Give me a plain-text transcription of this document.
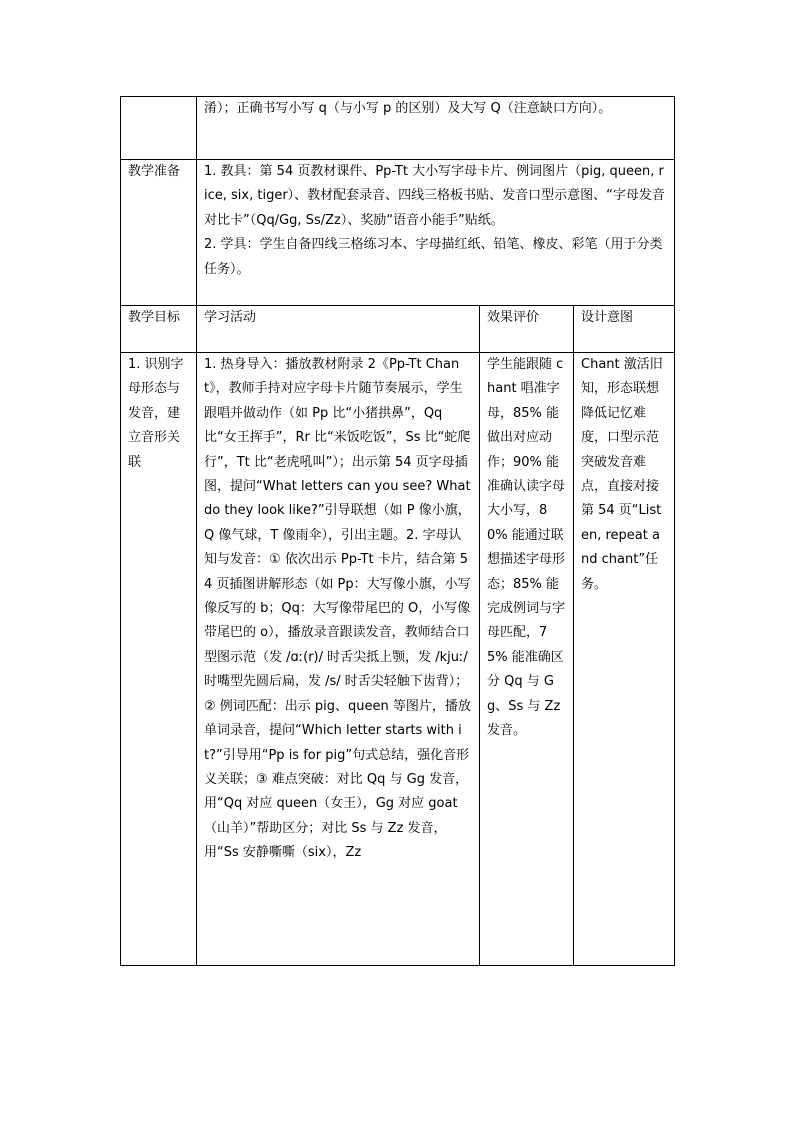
	淆）；正确书写小写 q（与小写 p 的区别）及大写 Q（注意缺口方向）。		
教学准备	1. 教具：第 54 页教材课件、Pp-Tt 大小写字母卡片、例词图片（pig, queen, rice, six, tiger）、教材配套录音、四线三格板书贴、发音口型示意图、“字母发音对比卡”（Qq/Gg, Ss/Zz）、奖励“语音小能手”贴纸。
2. 学具：学生自备四线三格练习本、字母描红纸、铅笔、橡皮、彩笔（用于分类任务）。		

教学目标	学习活动	效果评价	设计意图

1. 识别字母形态与发音，建立音形关联	1. 热身导入：播放教材附录 2《Pp-Tt Chant》，教师手持对应字母卡片随节奏展示，学生跟唱并做动作（如 Pp 比“小猪拱鼻”，Qq 比“女王挥手”，Rr 比“米饭吃饭”，Ss 比“蛇爬行”，Tt 比“老虎吼叫”）；出示第 54 页字母插图，提问“What letters can you see? What do they look like?”引导联想（如 P 像小旗，Q 像气球，T 像雨伞），引出主题。2. 字母认知与发音：① 依次出示 Pp-Tt 卡片，结合第 54 页插图讲解形态（如 Pp：大写像小旗，小写像反写的 b；Qq：大写像带尾巴的 O，小写像带尾巴的 o），播放录音跟读发音，教师结合口型图示范（发 /ɑː(r)/ 时舌尖抵上颚，发 /kjuː/ 时嘴型先圆后扁，发 /s/ 时舌尖轻触下齿背）；② 例词匹配：出示 pig、queen 等图片，播放单词录音，提问“Which letter starts with it?”引导用“Pp is for pig”句式总结，强化音形义关联；③ 难点突破：对比 Qq 与 Gg 发音，用“Qq 对应 queen（女王），Gg 对应 goat（山羊）”帮助区分；对比 Ss 与 Zz 发音，用“Ss 安静嘶嘶（six），Zz	学生能跟随 chant 唱准字母，85% 能做出对应动作；90% 能准确认读字母大小写，80% 能通过联想描述字母形态；85% 能完成例词与字母匹配，75% 能准确区分 Qq 与 Gg、Ss 与 Zz 发音。	Chant 激活旧知，形态联想降低记忆难度，口型示范突破发音难点，直接对接第 54 页“Listen, repeat and chant”任务。
